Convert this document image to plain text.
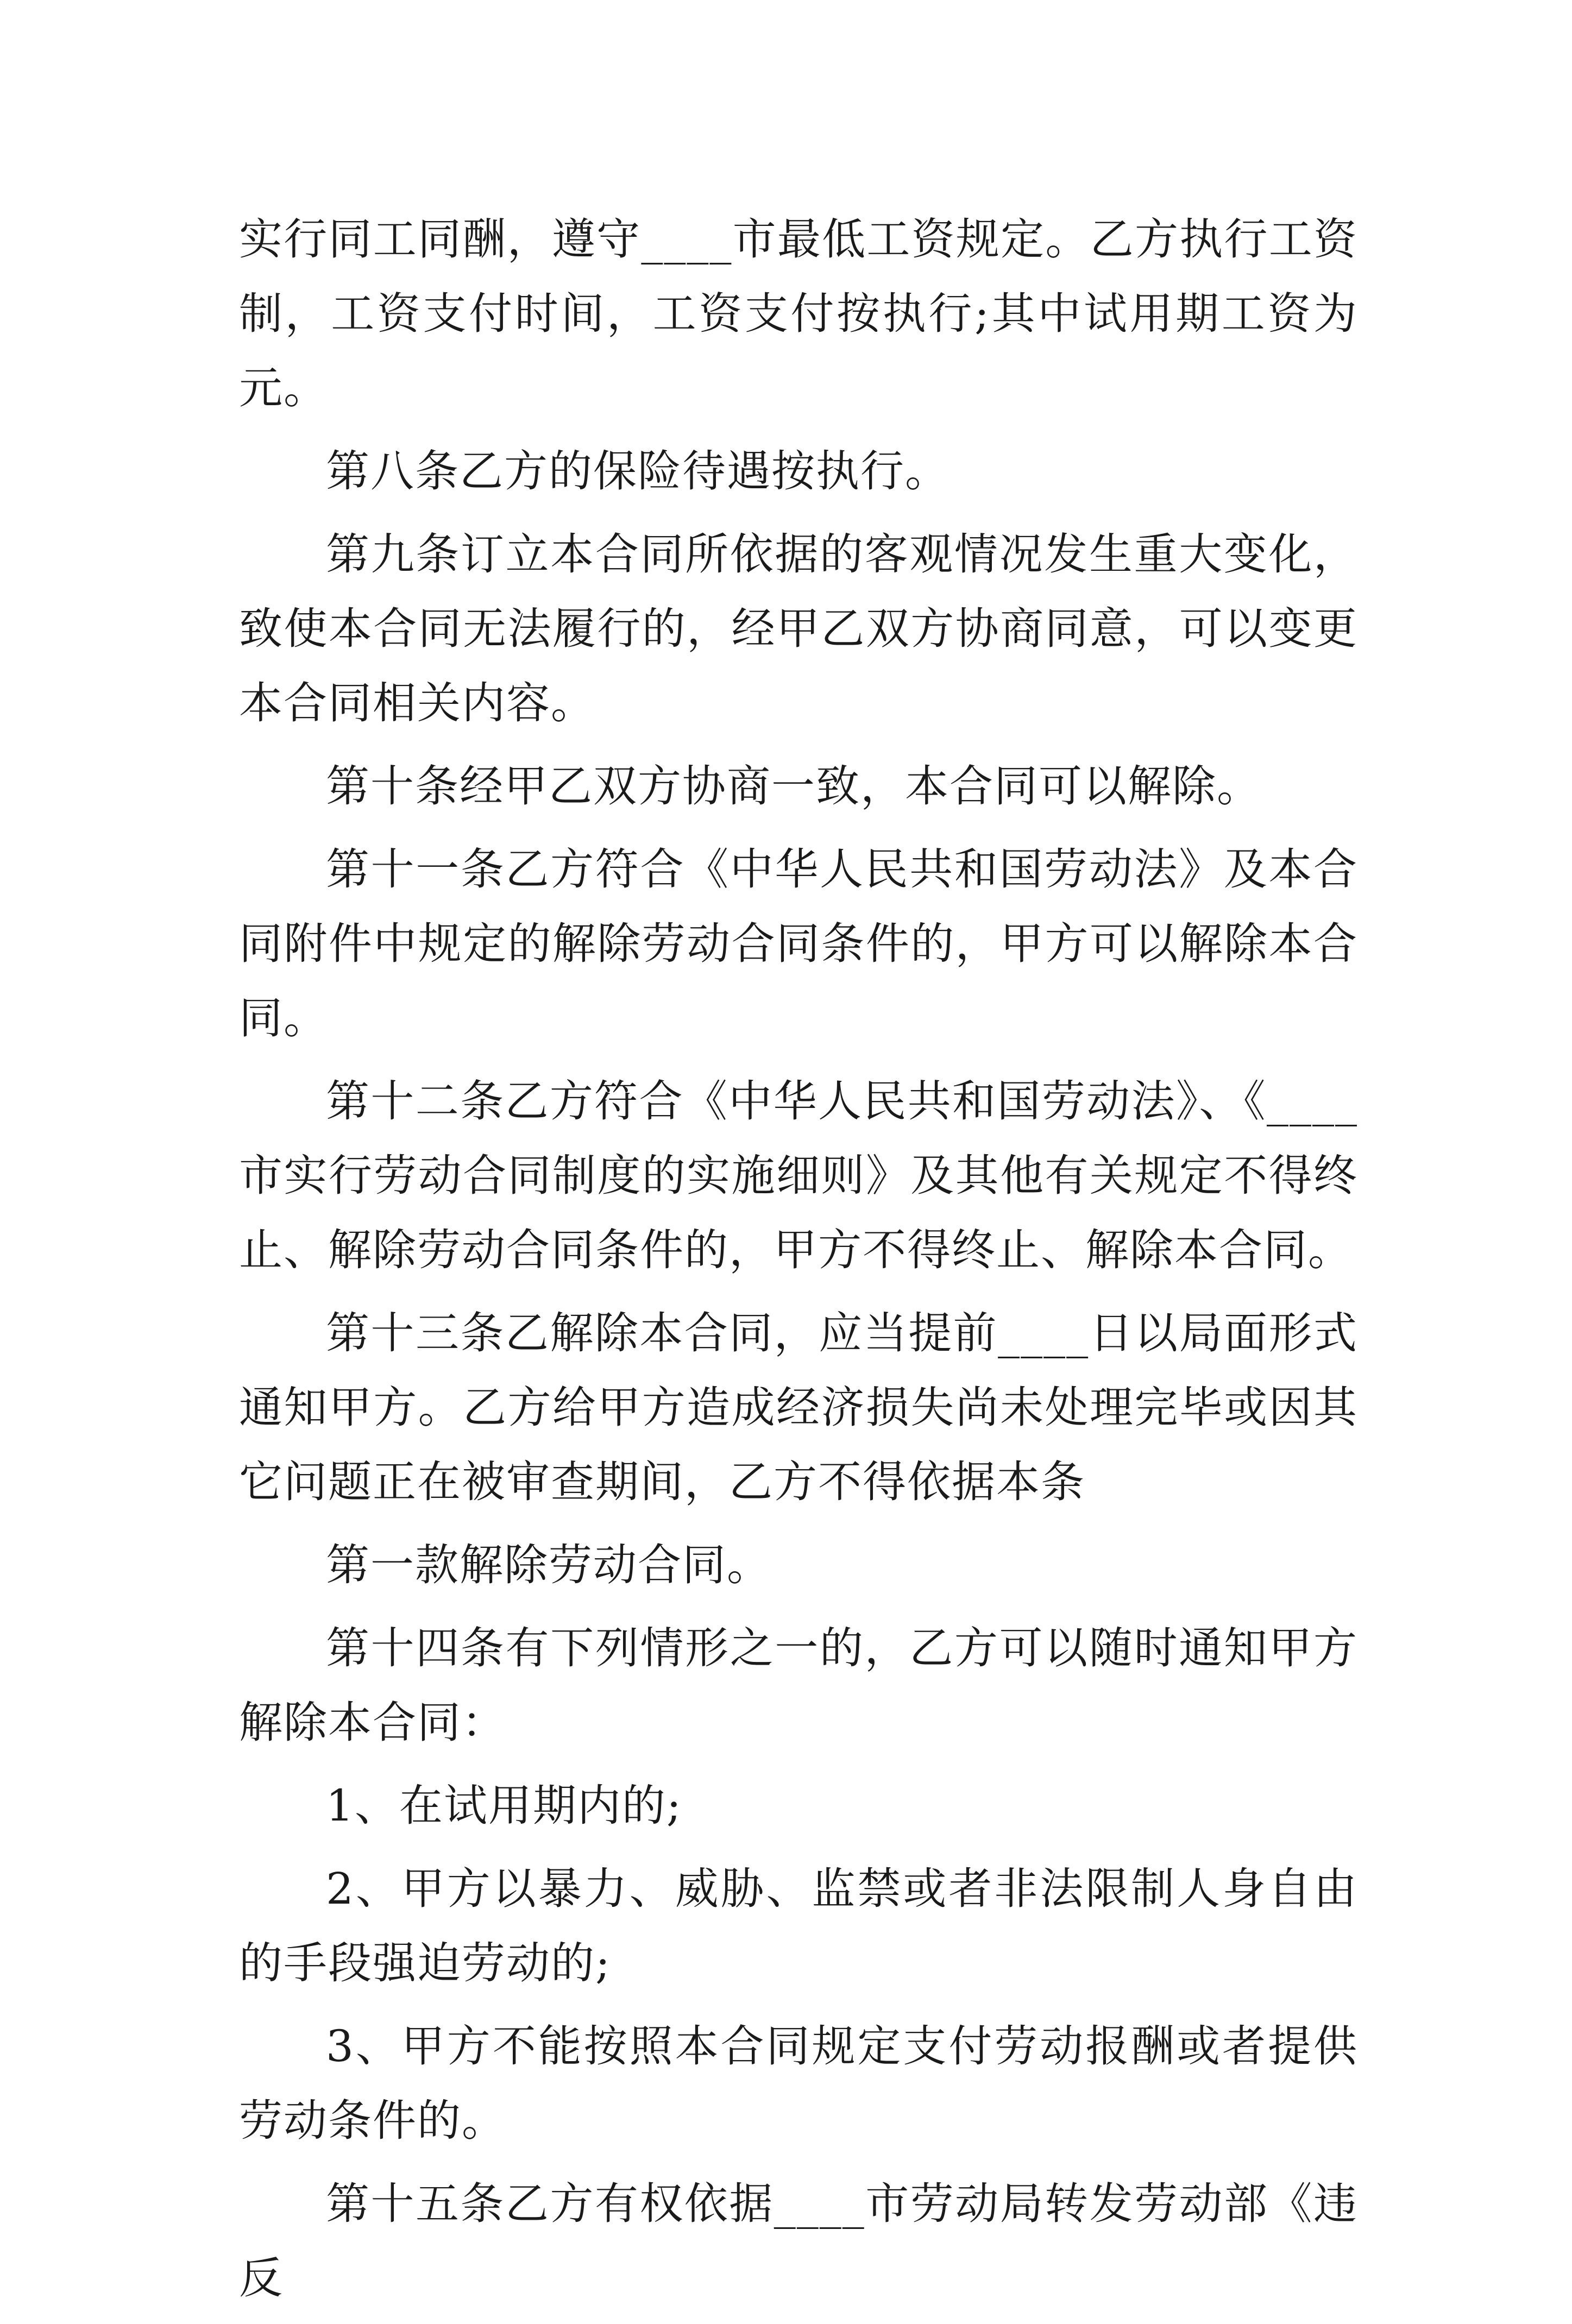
实行同工同酬，遵守____市最低工资规定。乙方执行工资制，工资支付时间，工资支付按执行;其中试用期工资为元。

第八条乙方的保险待遇按执行。

第九条订立本合同所依据的客观情况发生重大变化，致使本合同无法履行的，经甲乙双方协商同意，可以变更本合同相关内容。

第十条经甲乙双方协商一致，本合同可以解除。

第十一条乙方符合《中华人民共和国劳动法》及本合同附件中规定的解除劳动合同条件的，甲方可以解除本合同。

第十二条乙方符合《中华人民共和国劳动法》、《____市实行劳动合同制度的实施细则》及其他有关规定不得终止、解除劳动合同条件的，甲方不得终止、解除本合同。

第十三条乙解除本合同，应当提前____日以局面形式通知甲方。乙方给甲方造成经济损失尚未处理完毕或因其它问题正在被审查期间，乙方不得依据本条

第一款解除劳动合同。

第十四条有下列情形之一的，乙方可以随时通知甲方解除本合同：

1、在试用期内的;

2、甲方以暴力、威胁、监禁或者非法限制人身自由的手段强迫劳动的;

3、甲方不能按照本合同规定支付劳动报酬或者提供劳动条件的。

第十五条乙方有权依据____市劳动局转发劳动部《违反
